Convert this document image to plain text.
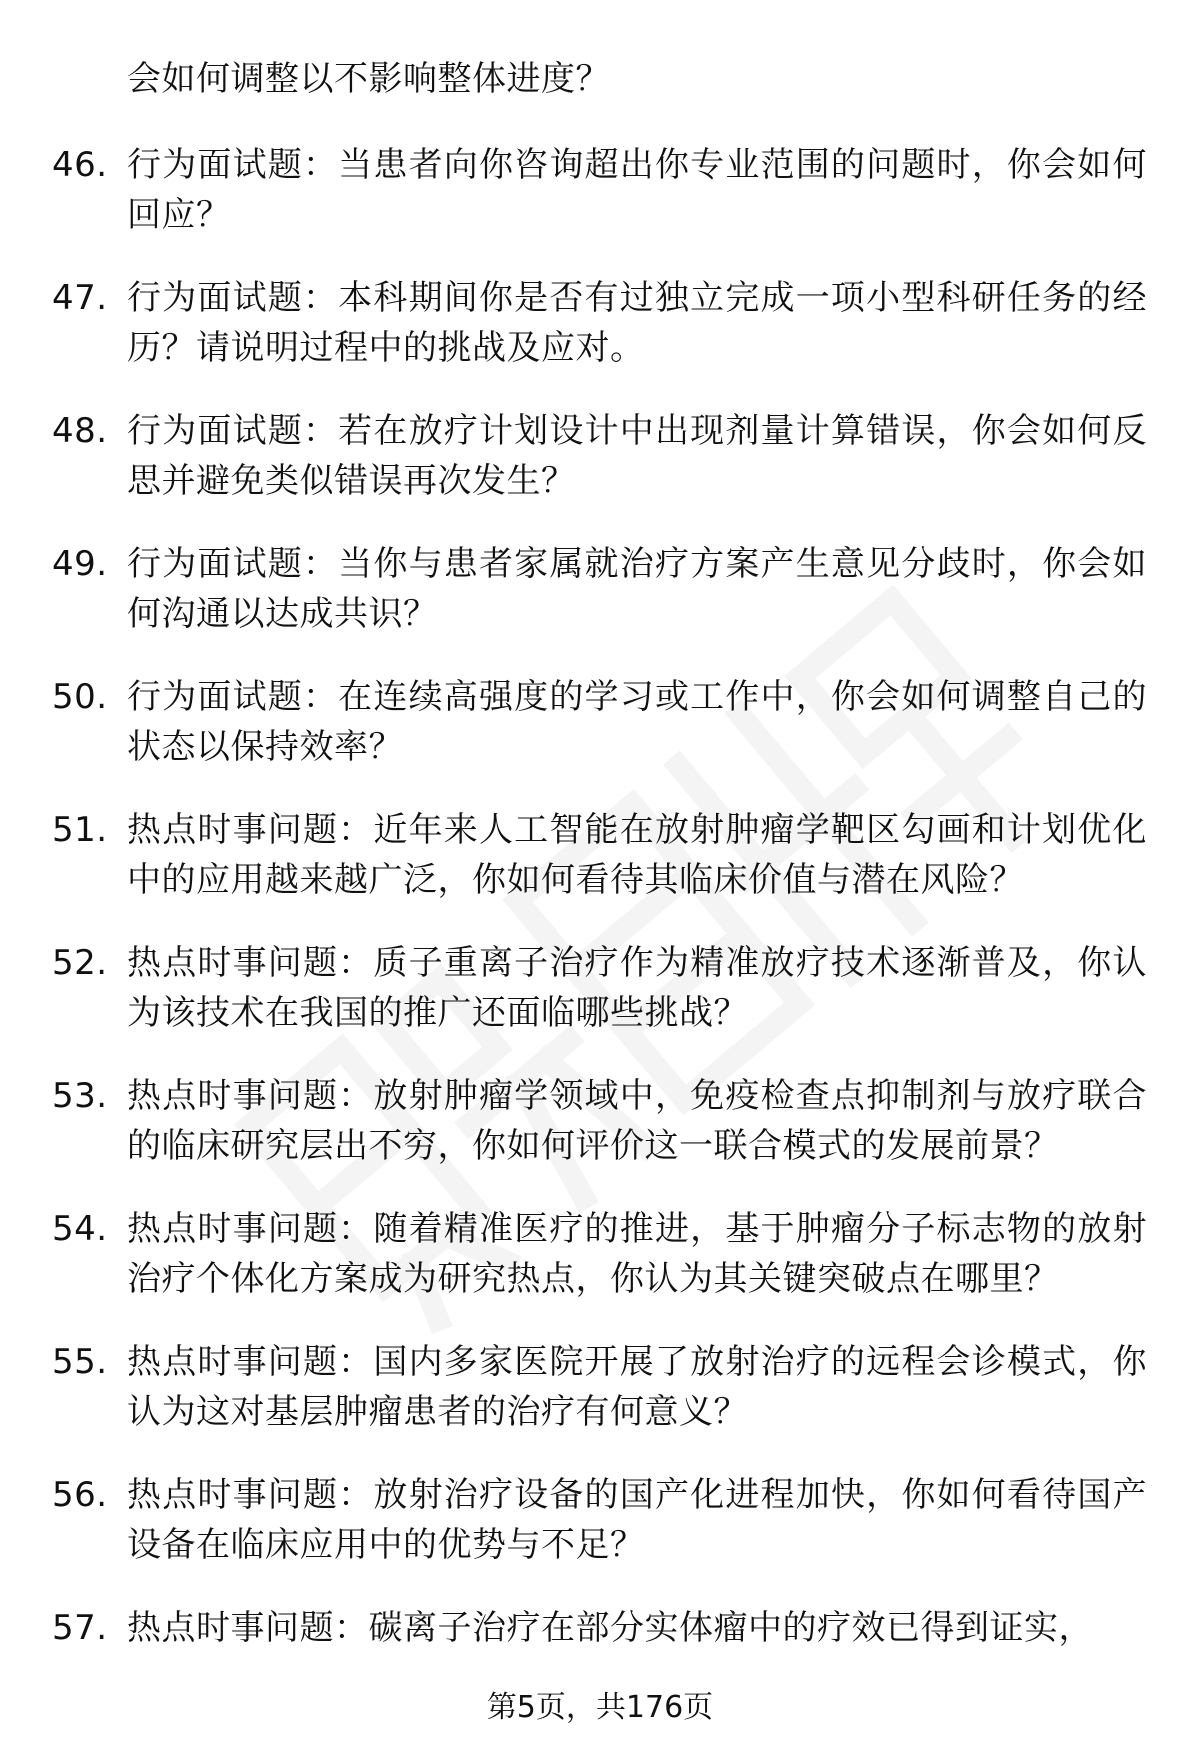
会如何调整以不影响整体进度？
46. 行为面试题：当患者向你咨询超出你专业范围的问题时，你会如何回应？
47. 行为面试题：本科期间你是否有过独立完成一项小型科研任务的经历？请说明过程中的挑战及应对。
48. 行为面试题：若在放疗计划设计中出现剂量计算错误，你会如何反思并避免类似错误再次发生？
49. 行为面试题：当你与患者家属就治疗方案产生意见分歧时，你会如何沟通以达成共识？
50. 行为面试题：在连续高强度的学习或工作中，你会如何调整自己的状态以保持效率？
51. 热点时事问题：近年来人工智能在放射肿瘤学靶区勾画和计划优化中的应用越来越广泛，你如何看待其临床价值与潜在风险？
52. 热点时事问题：质子重离子治疗作为精准放疗技术逐渐普及，你认为该技术在我国的推广还面临哪些挑战？
53. 热点时事问题：放射肿瘤学领域中，免疫检查点抑制剂与放疗联合的临床研究层出不穷，你如何评价这一联合模式的发展前景？
54. 热点时事问题：随着精准医疗的推进，基于肿瘤分子标志物的放射治疗个体化方案成为研究热点，你认为其关键突破点在哪里？
55. 热点时事问题：国内多家医院开展了放射治疗的远程会诊模式，你认为这对基层肿瘤患者的治疗有何意义？
56. 热点时事问题：放射治疗设备的国产化进程加快，你如何看待国产设备在临床应用中的优势与不足？
57. 热点时事问题：碳离子治疗在部分实体瘤中的疗效已得到证实，
第5页，共176页
